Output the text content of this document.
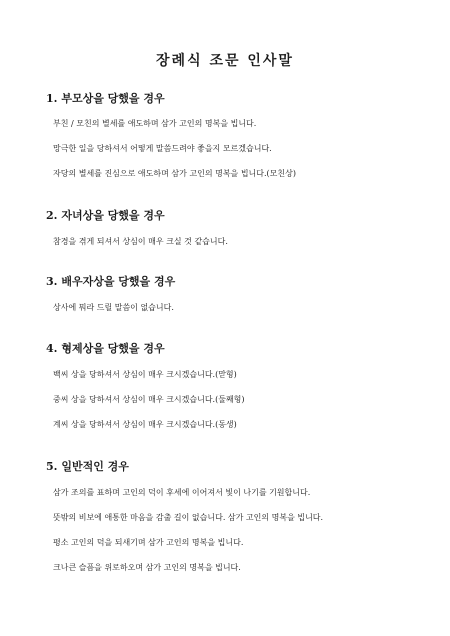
장례식 조문 인사말

1. 부모상을 당했을 경우

부친 / 모친의 별세를 애도하며 삼가 고인의 명복을 빕니다.

망극한 일을 당하셔서 어떻게 말씀드려야 좋을지 모르겠습니다.

자당의 별세를 진심으로 애도하며 삼가 고인의 명복을 빕니다.(모친상)

2. 자녀상을 당했을 경우

참경을 겪게 되셔서 상심이 매우 크실 것 같습니다.

3. 배우자상을 당했을 경우

상사에 뭐라 드릴 말씀이 없습니다.

4. 형제상을 당했을 경우

백씨 상을 당하셔서 상심이 매우 크시겠습니다.(맏형)

중씨 상을 당하셔서 상심이 매우 크시겠습니다.(둘째형)

계씨 상을 당하셔서 상심이 매우 크시겠습니다.(동생)

5. 일반적인 경우

삼가 조의를 표하며 고인의 덕이 후세에 이어져서 빛이 나기를 기원합니다.

뜻밖의 비보에 애통한 마음을 감출 길이 없습니다. 삼가 고인의 명복을 빕니다.

평소 고인의 덕을 되새기며 삼가 고인의 명복을 빕니다.

크나큰 슬픔을 위로하오며 삼가 고인의 명복을 빕니다.
